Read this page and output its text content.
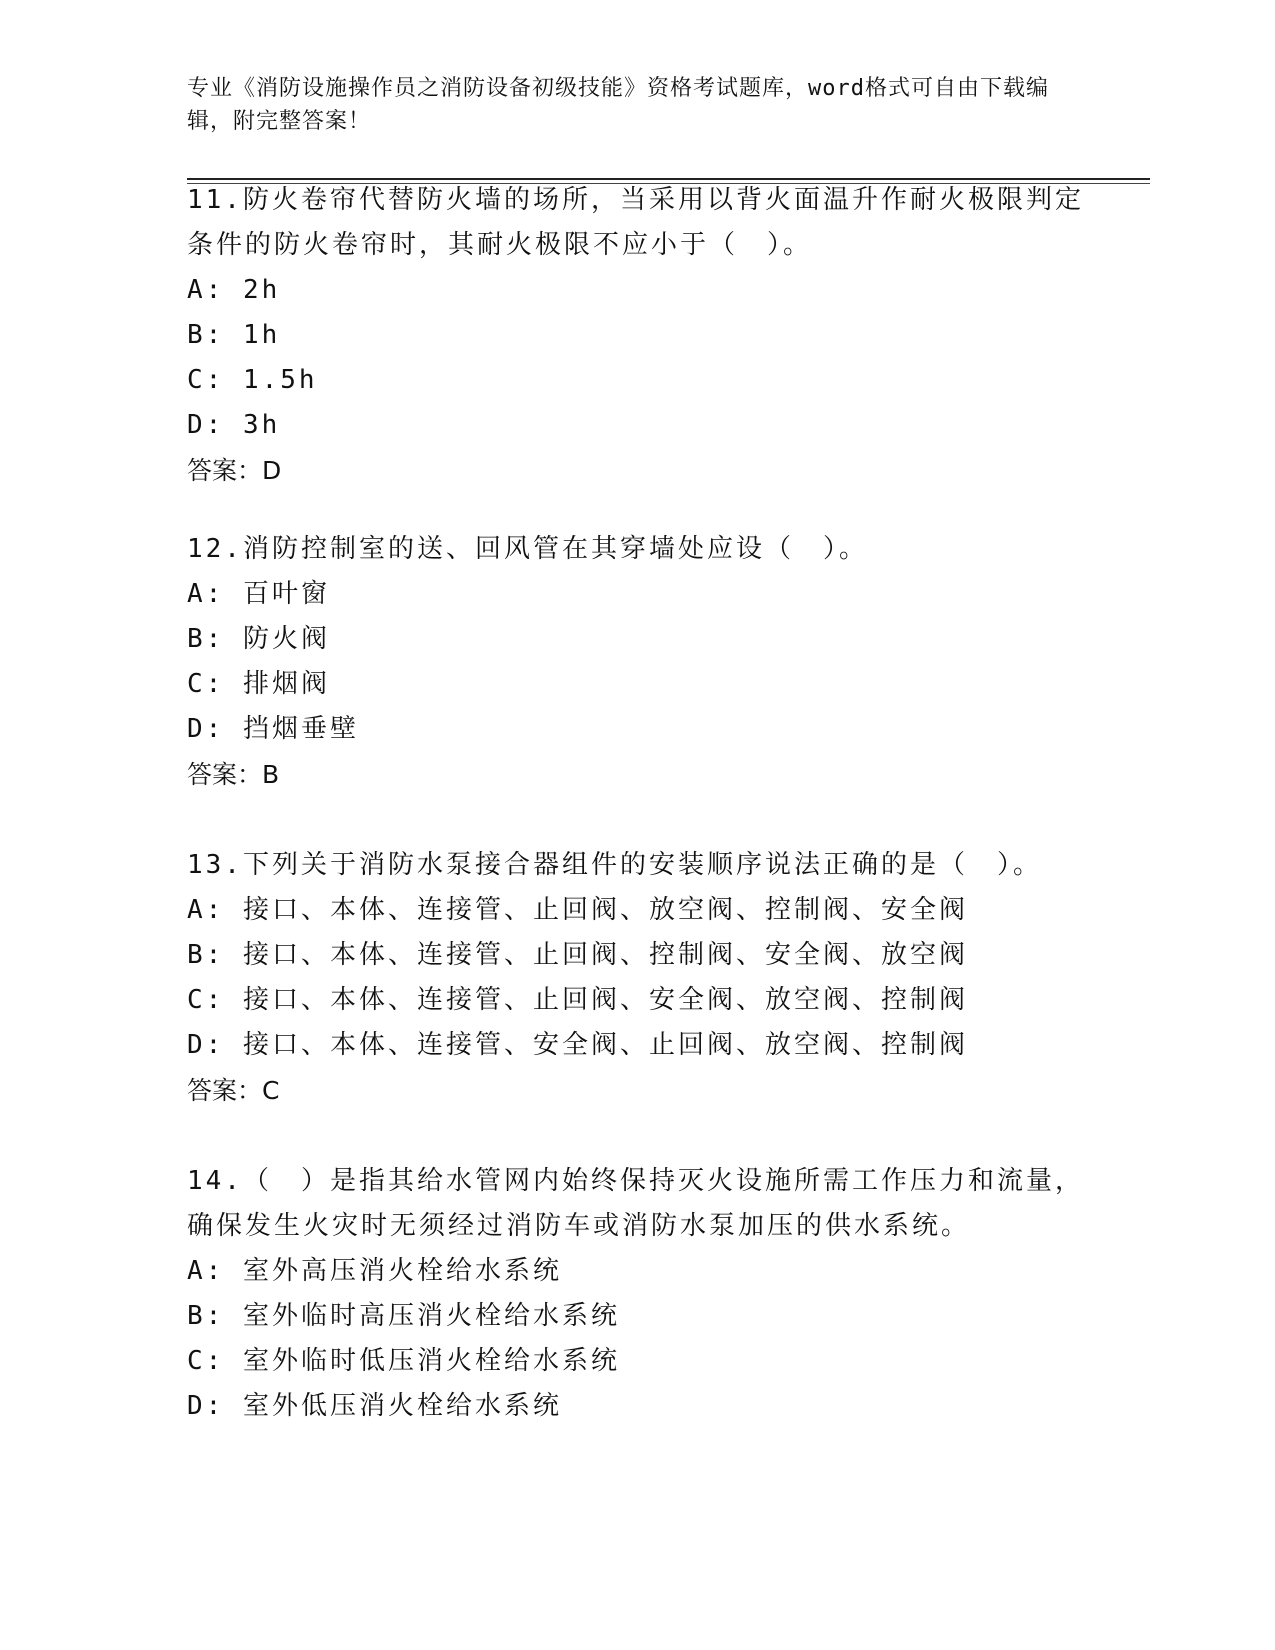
专业《消防设施操作员之消防设备初级技能》资格考试题库，word格式可自由下载编辑，附完整答案！

11.防火卷帘代替防火墙的场所，当采用以背火面温升作耐火极限判定条件的防火卷帘时，其耐火极限不应小于（　）。

A: 2h

B: 1h

C: 1.5h

D: 3h

答案：D

12.消防控制室的送、回风管在其穿墙处应设（　）。

A: 百叶窗

B: 防火阀

C: 排烟阀

D: 挡烟垂壁

答案：B

13.下列关于消防水泵接合器组件的安装顺序说法正确的是（　）。

A: 接口、本体、连接管、止回阀、放空阀、控制阀、安全阀

B: 接口、本体、连接管、止回阀、控制阀、安全阀、放空阀

C: 接口、本体、连接管、止回阀、安全阀、放空阀、控制阀

D: 接口、本体、连接管、安全阀、止回阀、放空阀、控制阀

答案：C

14.（　）是指其给水管网内始终保持灭火设施所需工作压力和流量，确保发生火灾时无须经过消防车或消防水泵加压的供水系统。

A: 室外高压消火栓给水系统

B: 室外临时高压消火栓给水系统

C: 室外临时低压消火栓给水系统

D: 室外低压消火栓给水系统
